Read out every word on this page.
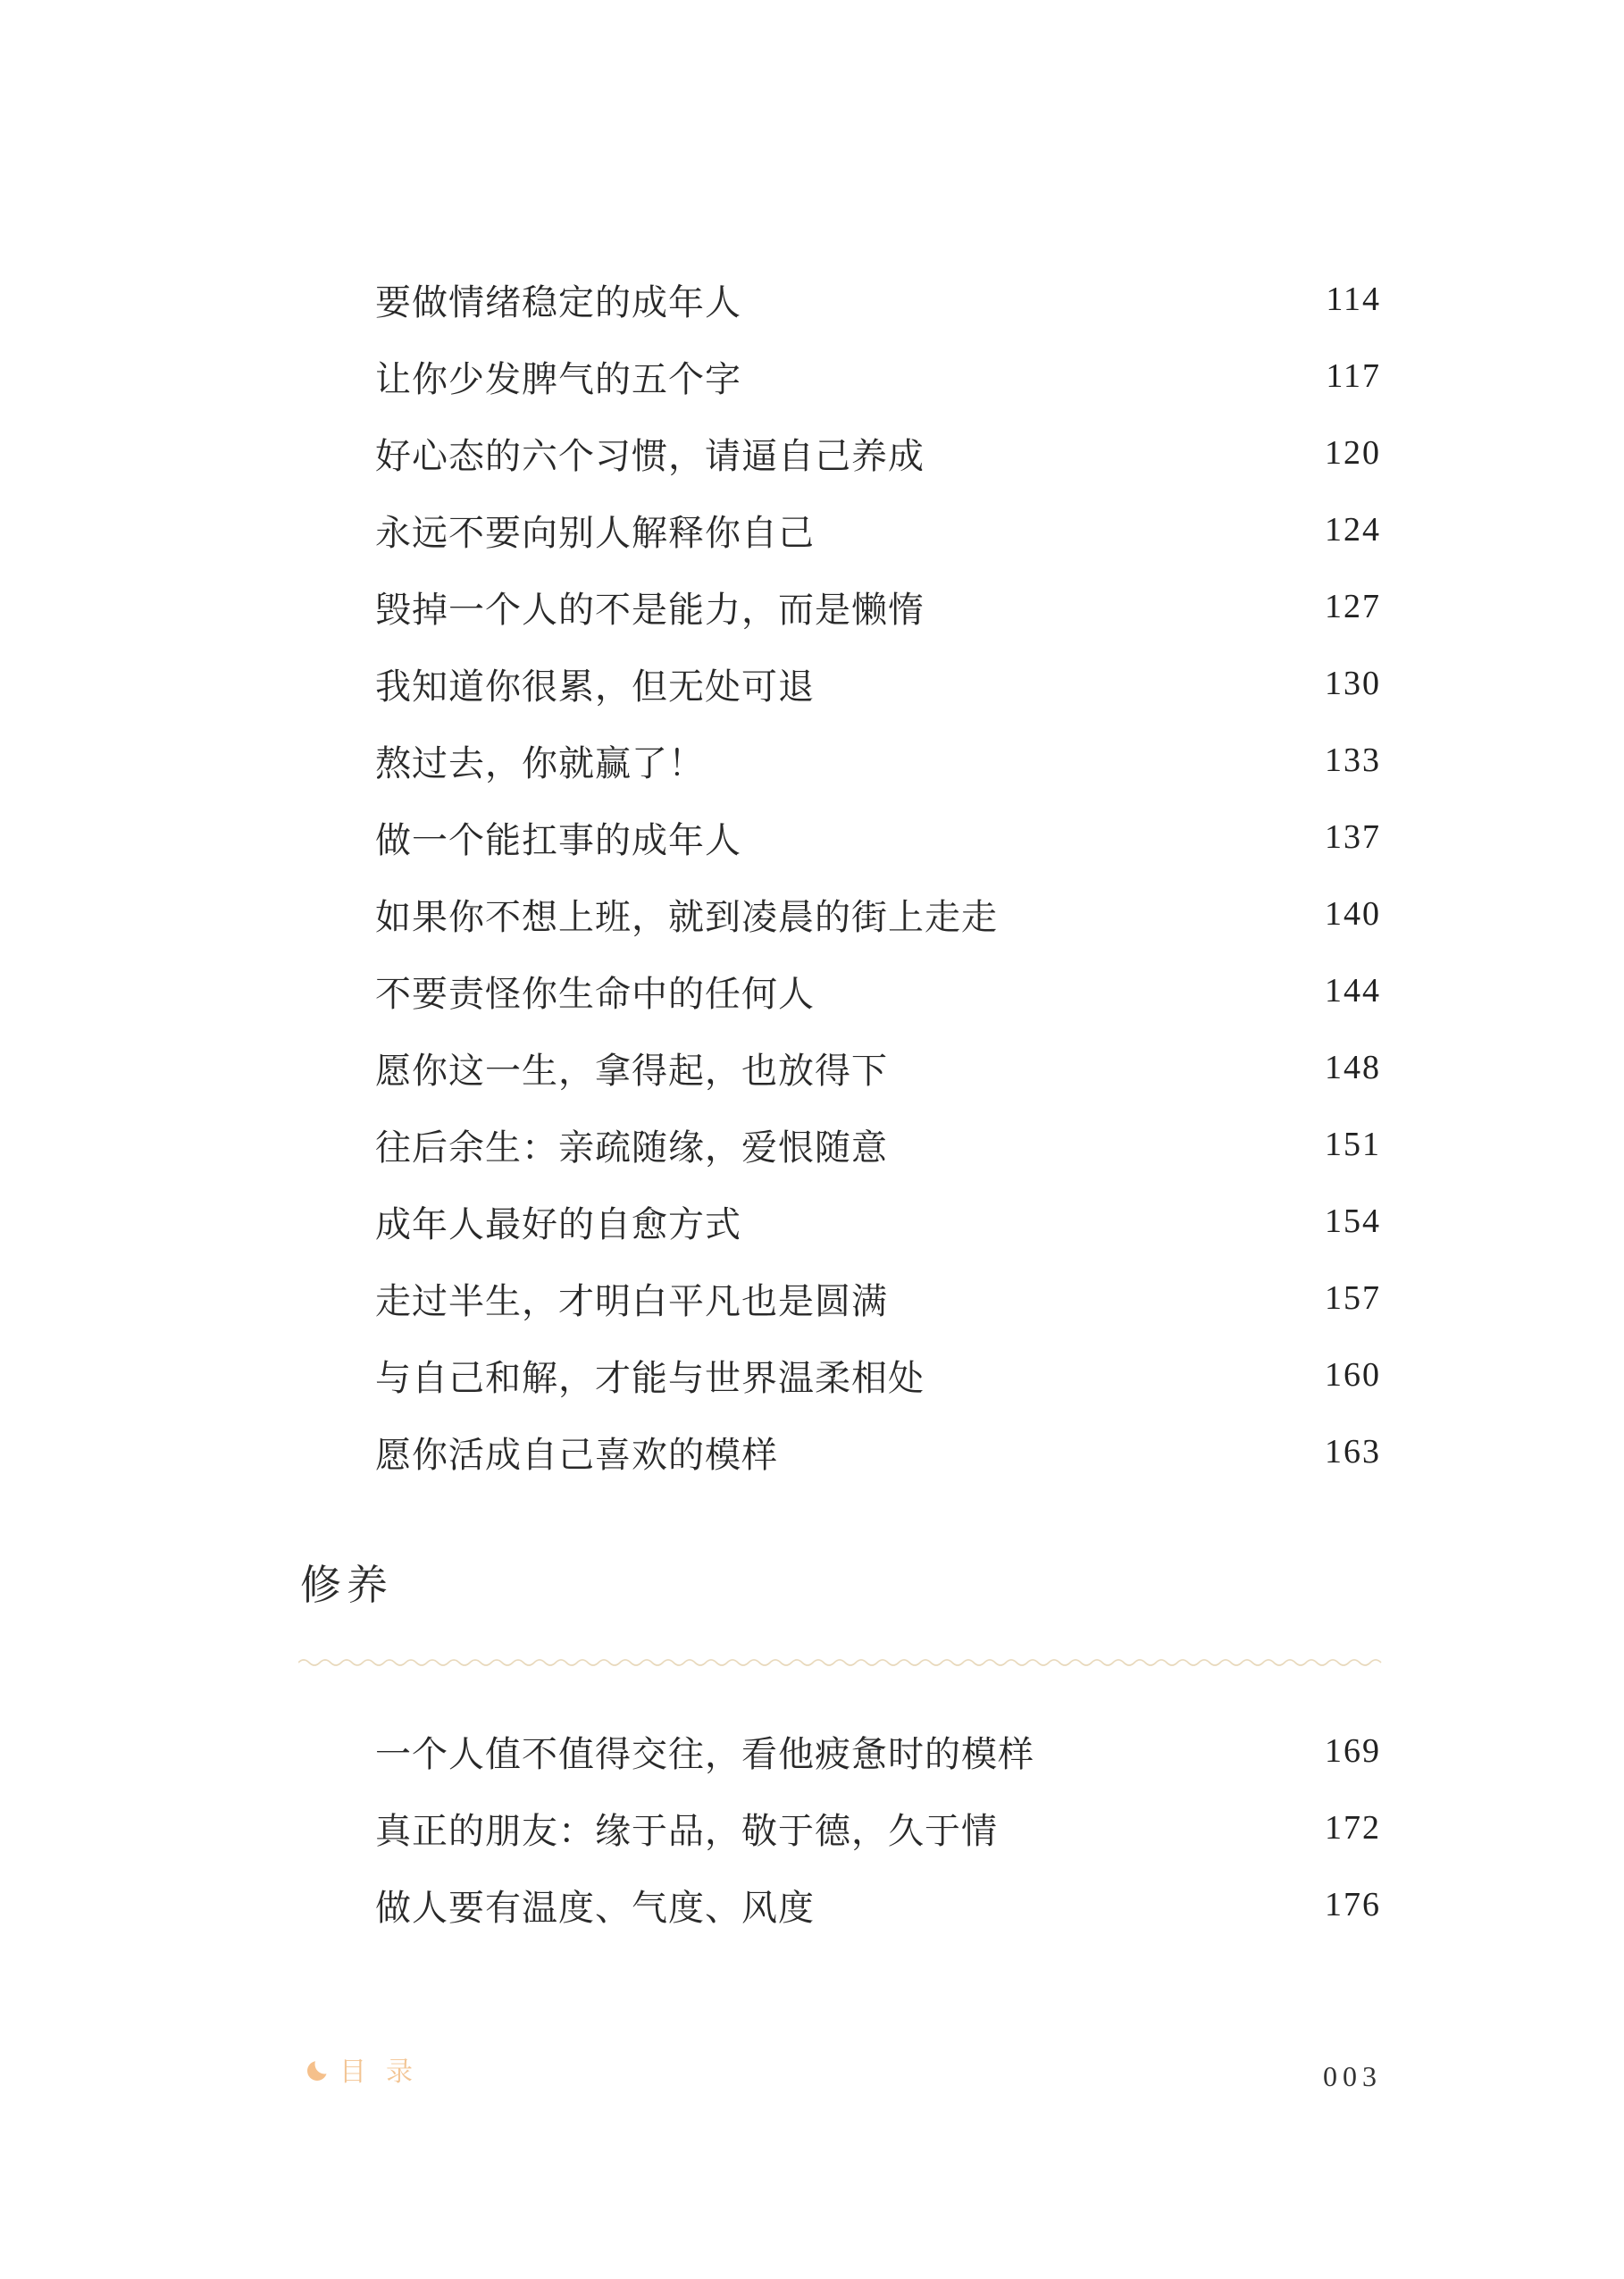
要做情绪稳定的成年人	114
让你少发脾气的五个字	117
好心态的六个习惯，请逼自己养成	120
永远不要向别人解释你自己	124
毁掉一个人的不是能力，而是懒惰	127
我知道你很累，但无处可退	130
熬过去，你就赢了！	133
做一个能扛事的成年人	137
如果你不想上班，就到凌晨的街上走走	140
不要责怪你生命中的任何人	144
愿你这一生，拿得起，也放得下	148
往后余生：亲疏随缘，爱恨随意	151
成年人最好的自愈方式	154
走过半生，才明白平凡也是圆满	157
与自己和解，才能与世界温柔相处	160
愿你活成自己喜欢的模样	163
修养
一个人值不值得交往，看他疲惫时的模样	169
真正的朋友：缘于品，敬于德，久于情	172
做人要有温度、气度、风度	176
目录	003
